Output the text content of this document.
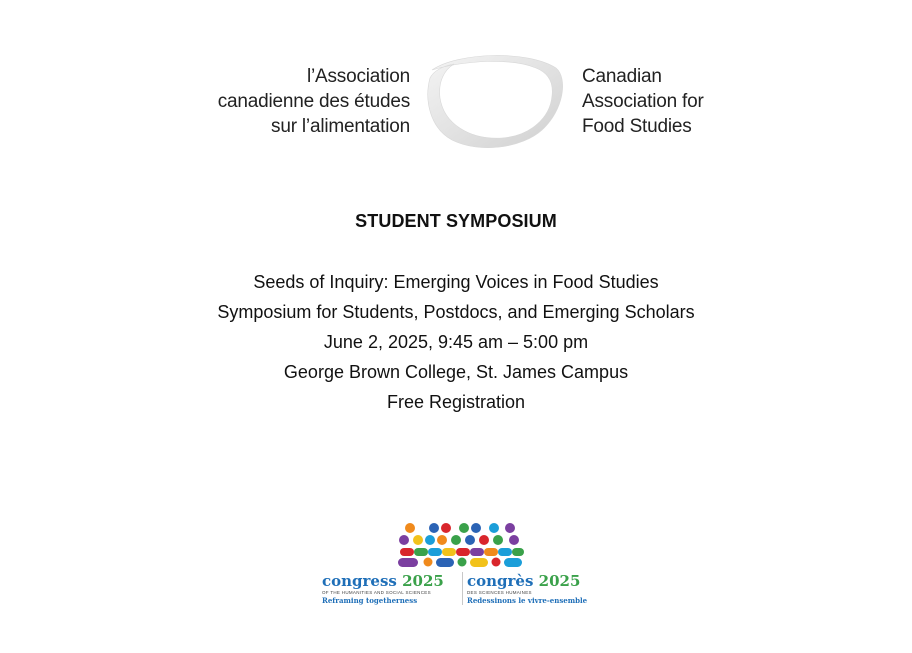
l’Association
canadienne des études
sur l’alimentation
Canadian
Association for
Food Studies
STUDENT SYMPOSIUM
Seeds of Inquiry: Emerging Voices in Food Studies
Symposium for Students, Postdocs, and Emerging Scholars
June 2, 2025, 9:45 am – 5:00 pm
George Brown College, St. James Campus
Free Registration
congress 2025
OF THE HUMANITIES AND SOCIAL SCIENCES
Reframing togetherness
congrès 2025
DES SCIENCES HUMAINES
Redessinons le vivre-ensemble
